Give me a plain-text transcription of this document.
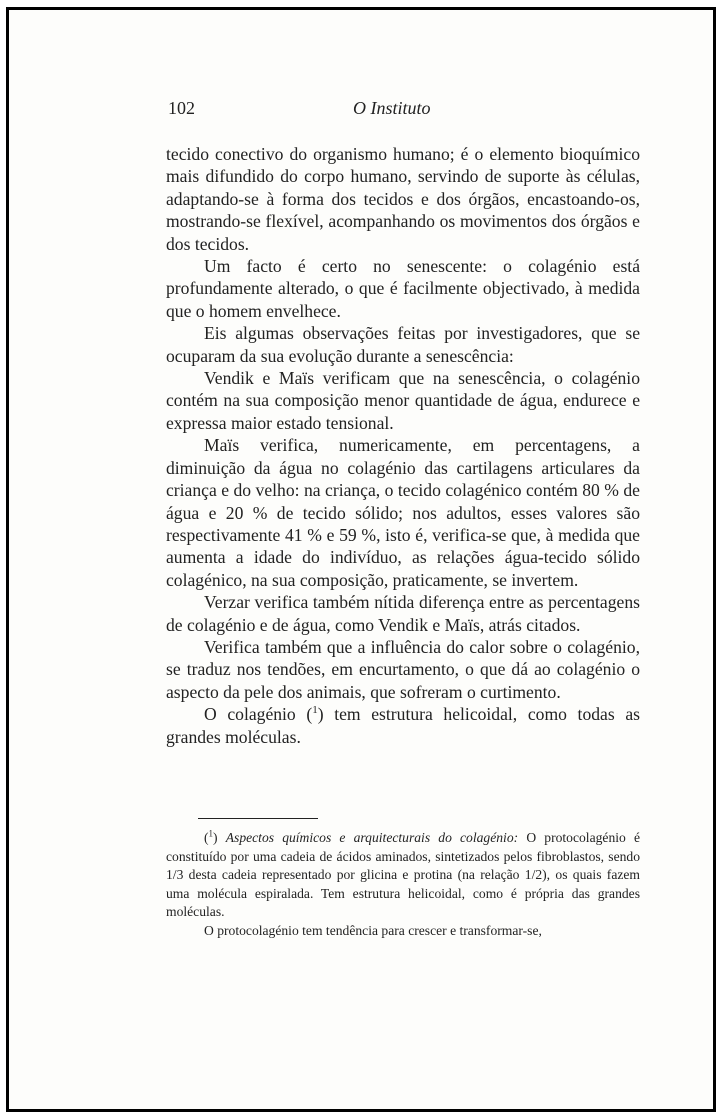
102	O Instituto

tecido conectivo do organismo humano; é o elemento bioquímico mais difundido do corpo humano, servindo de suporte às células, adaptando-se à forma dos tecidos e dos órgãos, encastoando-os, mostrando-se flexível, acompanhando os movimentos dos órgãos e dos tecidos.

Um facto é certo no senescente: o colagénio está profundamente alterado, o que é facilmente objectivado, à medida que o homem envelhece.

Eis algumas observações feitas por investigadores, que se ocuparam da sua evolução durante a senescência:

Vendik e Maïs verificam que na senescência, o colagénio contém na sua composição menor quantidade de água, endurece e expressa maior estado tensional.

Maïs verifica, numericamente, em percentagens, a diminuição da água no colagénio das cartilagens articulares da criança e do velho: na criança, o tecido colagénico contém 80 % de água e 20 % de tecido sólido; nos adultos, esses valores são respectivamente 41 % e 59 %, isto é, verifica-se que, à medida que aumenta a idade do indivíduo, as relações água-tecido sólido colagénico, na sua composição, praticamente, se invertem.

Verzar verifica também nítida diferença entre as percentagens de colagénio e de água, como Vendik e Maïs, atrás citados.

Verifica também que a influência do calor sobre o colagénio, se traduz nos tendões, em encurtamento, o que dá ao colagénio o aspecto da pele dos animais, que sofreram o curtimento.

O colagénio ($^1$) tem estrutura helicoidal, como todas as grandes moléculas.

($^1$) Aspectos químicos e arquitecturais do colagénio: O protocolagénio é constituído por uma cadeia de ácidos aminados, sintetizados pelos fibroblastos, sendo 1/3 desta cadeia representado por glicina e protina (na relação 1/2), os quais fazem uma molécula espiralada. Tem estrutura helicoidal, como é própria das grandes moléculas.

O protocolagénio tem tendência para crescer e transformar-se,
